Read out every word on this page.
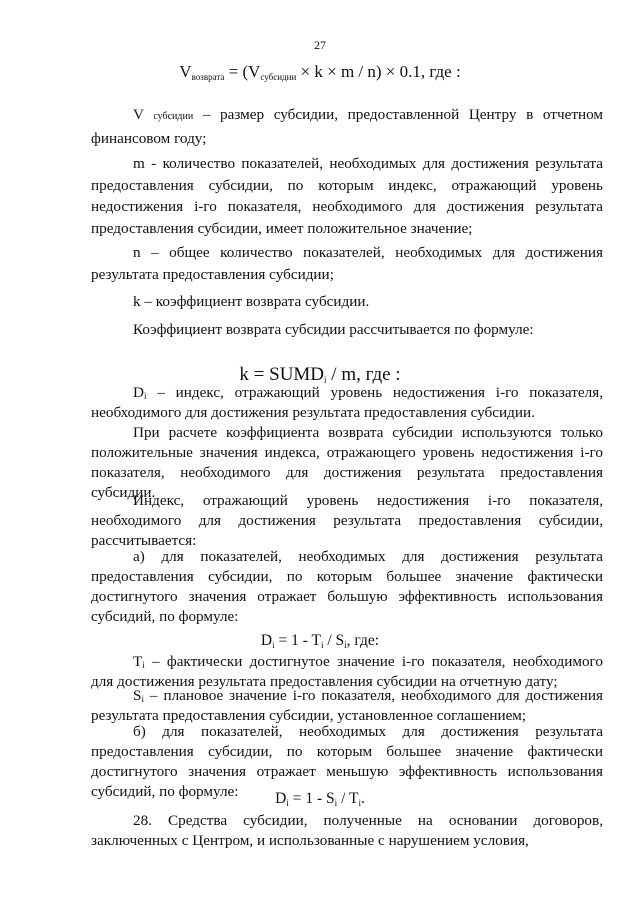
27
$V_{возврата} = (V_{субсидии} \times k \times m / n) \times 0.1$, где :

V субсидии – размер субсидии, предоставленной Центру в отчетном финансовом году;

m - количество показателей, необходимых для достижения результата предоставления субсидии, по которым индекс, отражающий уровень недостижения i-го показателя, необходимого для достижения результата предоставления субсидии, имеет положительное значение;

n – общее количество показателей, необходимых для достижения результата предоставления субсидии;

k – коэффициент возврата субсидии.

Коэффициент возврата субсидии рассчитывается по формуле:

$k = SUMD_i / m$, где :

$D_i$ – индекс, отражающий уровень недостижения i-го показателя, необходимого для достижения результата предоставления субсидии.

При расчете коэффициента возврата субсидии используются только положительные значения индекса, отражающего уровень недостижения i-го показателя, необходимого для достижения результата предоставления субсидии.

Индекс, отражающий уровень недостижения i-го показателя, необходимого для достижения результата предоставления субсидии, рассчитывается:

а) для показателей, необходимых для достижения результата предоставления субсидии, по которым большее значение фактически достигнутого значения отражает большую эффективность использования субсидий, по формуле:

$D_i = 1 - T_i / S_i$, где:

$T_i$ – фактически достигнутое значение i-го показателя, необходимого для достижения результата предоставления субсидии на отчетную дату;

$S_i$ – плановое значение i-го показателя, необходимого для достижения результата предоставления субсидии, установленное соглашением;

б) для показателей, необходимых для достижения результата предоставления субсидии, по которым большее значение фактически достигнутого значения отражает меньшую эффективность использования субсидий, по формуле:	$D_i = 1 - S_i / T_i$.

28. Средства субсидии, полученные на основании договоров, заключенных с Центром, и использованные с нарушением условия,
